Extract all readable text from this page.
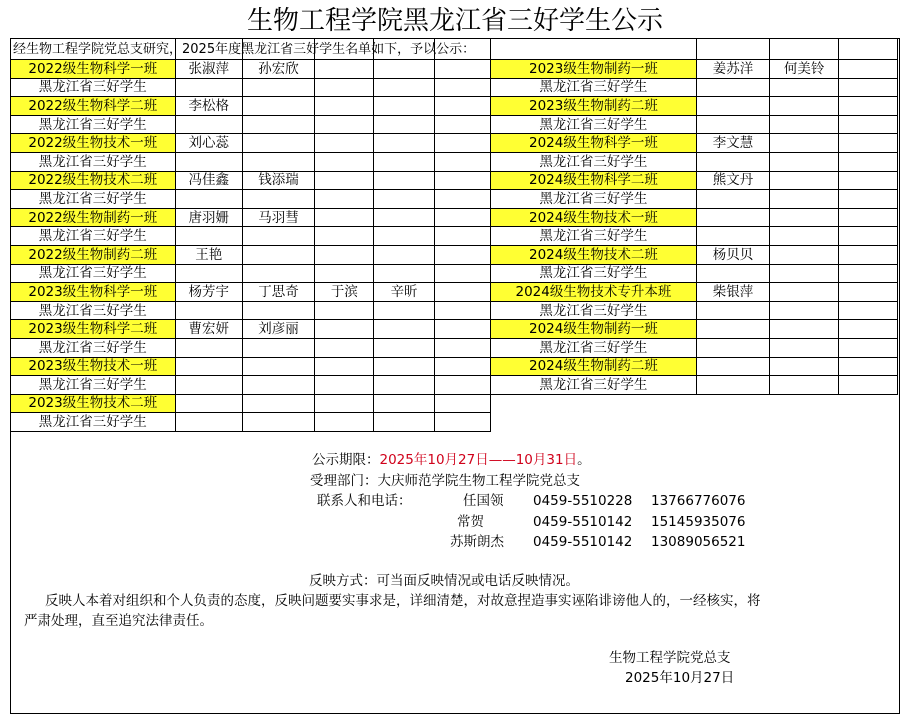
生物工程学院黑龙江省三好学生公示
经生物工程学院党总支研究，2025年度黑龙江省三好学生名单如下，予以公示：

2022级生物科学一班	张淑萍	孙宏欣				2023级生物制药一班	姜苏洋	何美铃	
黑龙江省三好学生						黑龙江省三好学生			
2022级生物科学二班	李松格					2023级生物制药二班			
黑龙江省三好学生						黑龙江省三好学生			
2022级生物技术一班	刘心蕊					2024级生物科学一班	李文慧		
黑龙江省三好学生						黑龙江省三好学生			
2022级生物技术二班	冯佳鑫	钱添瑞				2024级生物科学二班	熊文丹		
黑龙江省三好学生						黑龙江省三好学生			
2022级生物制药一班	唐羽姗	马羽彗				2024级生物技术一班			
黑龙江省三好学生						黑龙江省三好学生			
2022级生物制药二班	王艳					2024级生物技术二班	杨贝贝		
黑龙江省三好学生						黑龙江省三好学生			
2023级生物科学一班	杨芳宇	丁思奇	于滨	辛昕		2024级生物技术专升本班	柴银萍		
黑龙江省三好学生						黑龙江省三好学生			
2023级生物科学二班	曹宏妍	刘彦丽				2024级生物制药一班			
黑龙江省三好学生						黑龙江省三好学生			
2023级生物技术一班						2024级生物制药二班			
黑龙江省三好学生						黑龙江省三好学生			
2023级生物技术二班									
黑龙江省三好学生									
公示期限：2025年10月27日——10月31日。
受理部门：大庆师范学院生物工程学院党总支
联系人和电话：	任国领 0459-5510228 13766776076
常贺	0459-5510142 15145935076
苏斯朗杰 0459-5510142 13089056521
反映方式：可当面反映情况或电话反映情况。
反映人本着对组织和个人负责的态度，反映问题要实事求是，详细清楚，对故意捏造事实诬陷诽谤他人的，一经核实，将
严肃处理，直至追究法律责任。
生物工程学院党总支
2025年10月27日
